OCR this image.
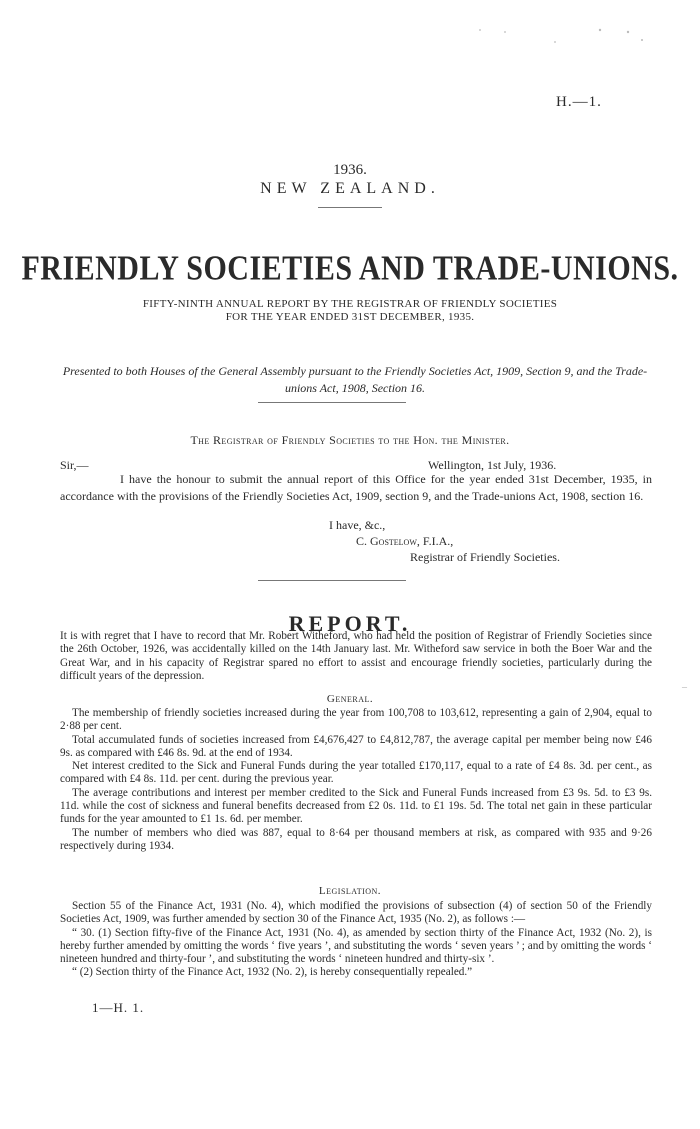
H.—1.
1936.
NEW ZEALAND.
FRIENDLY SOCIETIES AND TRADE-UNIONS.
FIFTY-NINTH ANNUAL REPORT BY THE REGISTRAR OF FRIENDLY SOCIETIES
FOR THE YEAR ENDED 31ST DECEMBER, 1935.
Presented to both Houses of the General Assembly pursuant to the Friendly Societies Act, 1909, Section 9, and the Trade-unions Act, 1908, Section 16.
The Registrar of Friendly Societies to the Hon. the Minister.
Sir,—	Wellington, 1st July, 1936.

I have the honour to submit the annual report of this Office for the year ended 31st December, 1935, in accordance with the provisions of the Friendly Societies Act, 1909, section 9, and the Trade-unions Act, 1908, section 16.

I have, &c.,
C. Gostelow, F.I.A.,
Registrar of Friendly Societies.
REPORT.

It is with regret that I have to record that Mr. Robert Witheford, who had held the position of Registrar of Friendly Societies since the 26th October, 1926, was accidentally killed on the 14th January last. Mr. Witheford saw service in both the Boer War and the Great War, and in his capacity of Registrar spared no effort to assist and encourage friendly societies, particularly during the difficult years of the depression.

General.

The membership of friendly societies increased during the year from 100,708 to 103,612, representing a gain of 2,904, equal to 2·88 per cent.

Total accumulated funds of societies increased from £4,676,427 to £4,812,787, the average capital per member being now £46 9s. as compared with £46 8s. 9d. at the end of 1934.

Net interest credited to the Sick and Funeral Funds during the year totalled £170,117, equal to a rate of £4 8s. 3d. per cent., as compared with £4 8s. 11d. per cent. during the previous year.

The average contributions and interest per member credited to the Sick and Funeral Funds increased from £3 9s. 5d. to £3 9s. 11d. while the cost of sickness and funeral benefits decreased from £2 0s. 11d. to £1 19s. 5d. The total net gain in these particular funds for the year amounted to £1 1s. 6d. per member.

The number of members who died was 887, equal to 8·64 per thousand members at risk, as compared with 935 and 9·26 respectively during 1934.

Legislation.

Section 55 of the Finance Act, 1931 (No. 4), which modified the provisions of subsection (4) of section 50 of the Friendly Societies Act, 1909, was further amended by section 30 of the Finance Act, 1935 (No. 2), as follows :—

“ 30. (1) Section fifty-five of the Finance Act, 1931 (No. 4), as amended by section thirty of the Finance Act, 1932 (No. 2), is hereby further amended by omitting the words ‘ five years ’, and substituting the words ‘ seven years ’ ; and by omitting the words ‘ nineteen hundred and thirty-four ’, and substituting the words ‘ nineteen hundred and thirty-six ’.

“ (2) Section thirty of the Finance Act, 1932 (No. 2), is hereby consequentially repealed.”

1—H. 1.
–
